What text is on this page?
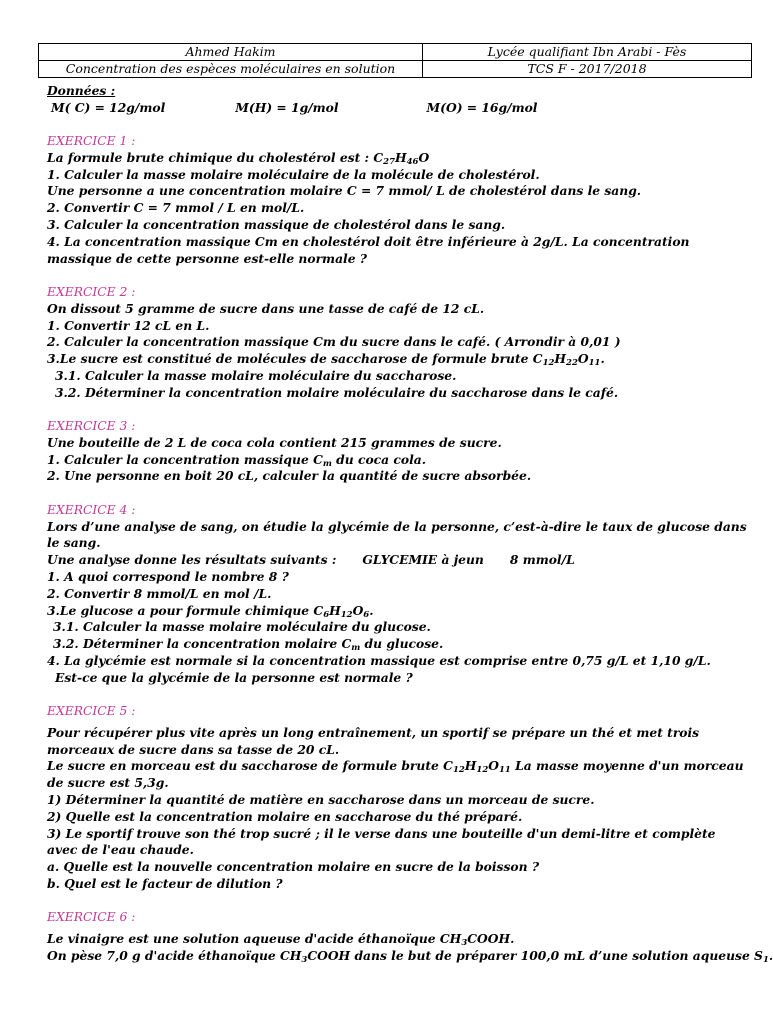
Ahmed Hakim	Lycée qualifiant Ibn Arabi - Fès
Concentration des espèces moléculaires en solution	TCS F - 2017/2018
Données :
M( C) = 12g/mol	M(H) = 1g/mol	M(O) = 16g/mol
EXERCICE 1 :
La formule brute chimique du cholestérol est : $C_{27}H_{46}O$
1. Calculer la masse molaire moléculaire de la molécule de cholestérol.
Une personne a une concentration molaire C = 7 mmol/ L de cholestérol dans le sang.
2. Convertir C = 7 mmol / L en mol/L.
3. Calculer la concentration massique de cholestérol dans le sang.
4. La concentration massique Cm en cholestérol doit être inférieure à 2g/L. La concentration massique de cette personne est-elle normale ?
EXERCICE 2 :
On dissout 5 gramme de sucre dans une tasse de café de 12 cL.
1. Convertir 12 cL en L.
2. Calculer la concentration massique Cm du sucre dans le café. ( Arrondir à 0,01 )
3.Le sucre est constitué de molécules de saccharose de formule brute $C_{12}H_{22}O_{11}$.
3.1. Calculer la masse molaire moléculaire du saccharose.
3.2. Déterminer la concentration molaire moléculaire du saccharose dans le café.
EXERCICE 3 :
Une bouteille de 2 L de coca cola contient 215 grammes de sucre.
1. Calculer la concentration massique $C_m$ du coca cola.
2. Une personne en boit 20 cL, calculer la quantité de sucre absorbée.
EXERCICE 4 :
Lors d’une analyse de sang, on étudie la glycémie de la personne, c’est-à-dire le taux de glucose dans le sang.
Une analyse donne les résultats suivants : GLYCEMIE à jeun 8 mmol/L
1. A quoi correspond le nombre 8 ?
2. Convertir 8 mmol/L en mol /L.
3.Le glucose a pour formule chimique $C_6H_{12}O_6$.
3.1. Calculer la masse molaire moléculaire du glucose.
3.2. Déterminer la concentration molaire $C_m$ du glucose.
4. La glycémie est normale si la concentration massique est comprise entre 0,75 g/L et 1,10 g/L.
Est-ce que la glycémie de la personne est normale ?
EXERCICE 5 :
Pour récupérer plus vite après un long entraînement, un sportif se prépare un thé et met trois morceaux de sucre dans sa tasse de 20 cL.
Le sucre en morceau est du saccharose de formule brute $C_{12}H_{12}O_{11}$ La masse moyenne d'un morceau de sucre est 5,3g.
1) Déterminer la quantité de matière en saccharose dans un morceau de sucre.
2) Quelle est la concentration molaire en saccharose du thé préparé.
3) Le sportif trouve son thé trop sucré ; il le verse dans une bouteille d'un demi-litre et complète avec de l'eau chaude.
a. Quelle est la nouvelle concentration molaire en sucre de la boisson ?
b. Quel est le facteur de dilution ?
EXERCICE 6 :
Le vinaigre est une solution aqueuse d'acide éthanoïque $CH_3COOH$.
On pèse 7,0 g d'acide éthanoïque $CH_3COOH$ dans le but de préparer 100,0 mL d’une solution aqueuse $S_1$.
